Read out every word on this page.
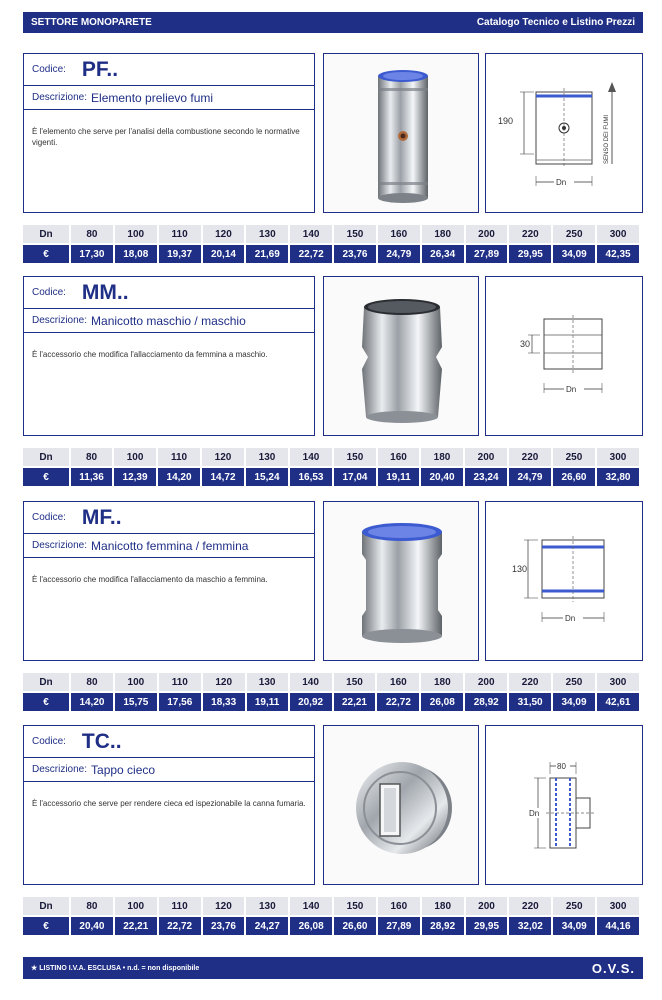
SETTORE MONOPARETE	Catalogo Tecnico e Listino Prezzi
Codice: PF..
Descrizione: Elemento prelievo fumi
È l'elemento che serve per l'analisi della combustione secondo le normative vigenti.
190
Dn
SENSO DEI FUMI
Dn	80	100	110	120	130	140	150	160	180	200	220	250	300
€	17,30	18,08	19,37	20,14	21,69	22,72	23,76	24,79	26,34	27,89	29,95	34,09	42,35
Codice: MM..
Descrizione: Manicotto maschio / maschio
È l'accessorio che modifica l'allacciamento da femmina a maschio.
30
Dn
Dn	80	100	110	120	130	140	150	160	180	200	220	250	300
€	11,36	12,39	14,20	14,72	15,24	16,53	17,04	19,11	20,40	23,24	24,79	26,60	32,80
Codice: MF..
Descrizione: Manicotto femmina / femmina
È l'accessorio che modifica l'allacciamento da maschio a femmina.
130
Dn
Dn	80	100	110	120	130	140	150	160	180	200	220	250	300
€	14,20	15,75	17,56	18,33	19,11	20,92	22,21	22,72	26,08	28,92	31,50	34,09	42,61
Codice: TC..
Descrizione: Tappo cieco
È l'accessorio che serve per rendere cieca ed ispezionabile la canna fumaria.
80
Dn
Dn	80	100	110	120	130	140	150	160	180	200	220	250	300
€	20,40	22,21	22,72	23,76	24,27	26,08	26,60	27,89	28,92	29,95	32,02	34,09	44,16
★ LISTINO I.V.A. ESCLUSA • n.d. = non disponibile	O.V.S.
